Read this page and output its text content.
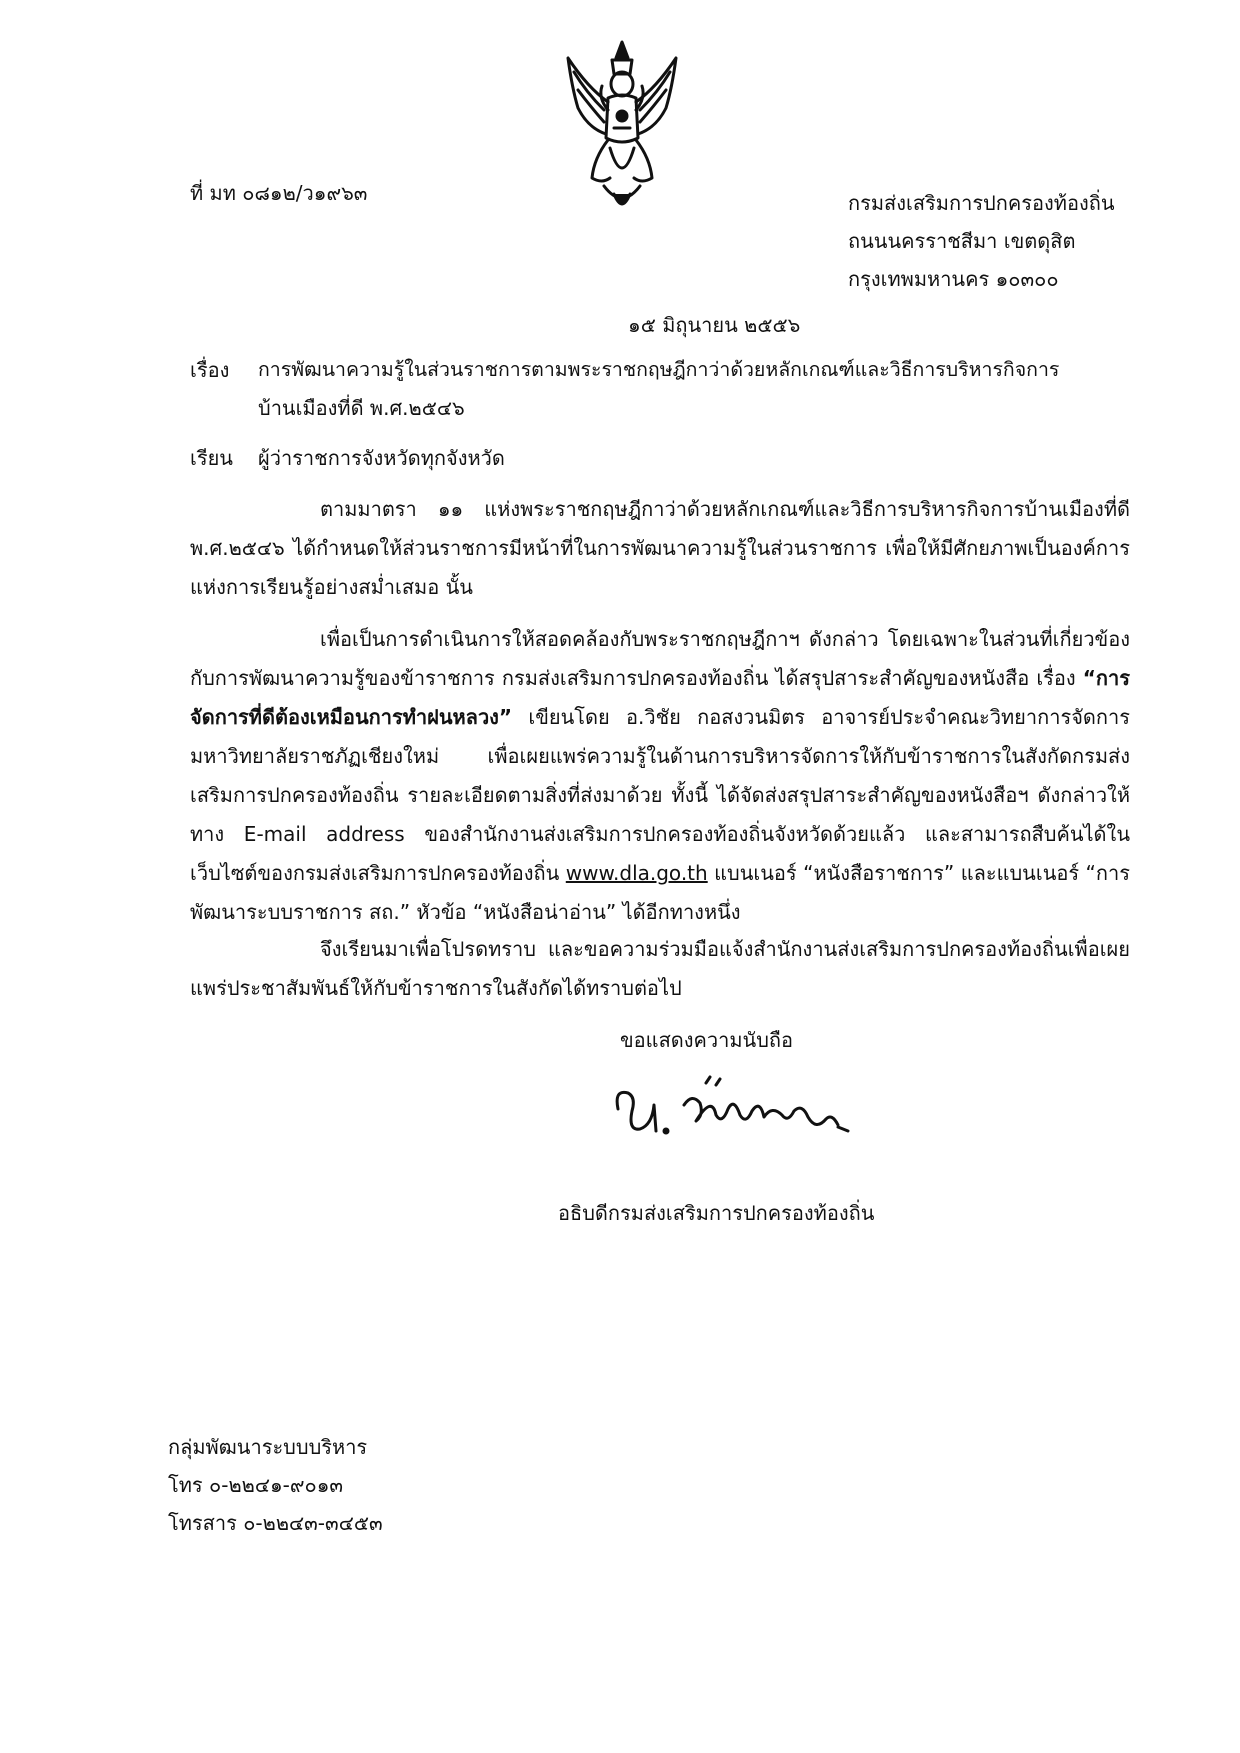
ที่ มท ๐๘๑๒/ว๑๙๖๓	กรมส่งเสริมการปกครองท้องถิ่น
ถนนนครราชสีมา เขตดุสิต
กรุงเทพมหานคร ๑๐๓๐๐
๑๕ มิถุนายน ๒๕๕๖
เรื่อง การพัฒนาความรู้ในส่วนราชการตามพระราชกฤษฎีกาว่าด้วยหลักเกณฑ์และวิธีการบริหารกิจการ
บ้านเมืองที่ดี พ.ศ.๒๕๔๖
เรียน ผู้ว่าราชการจังหวัดทุกจังหวัด
ตามมาตรา ๑๑ แห่งพระราชกฤษฎีกาว่าด้วยหลักเกณฑ์และวิธีการบริหารกิจการบ้านเมืองที่ดี พ.ศ.๒๕๔๖ ได้กำหนดให้ส่วนราชการมีหน้าที่ในการพัฒนาความรู้ในส่วนราชการ เพื่อให้มีศักยภาพเป็นองค์การแห่งการเรียนรู้อย่างสม่ำเสมอ นั้น
เพื่อเป็นการดำเนินการให้สอดคล้องกับพระราชกฤษฎีกาฯ ดังกล่าว โดยเฉพาะในส่วนที่เกี่ยวข้องกับการพัฒนาความรู้ของข้าราชการ กรมส่งเสริมการปกครองท้องถิ่น ได้สรุปสาระสำคัญของหนังสือ เรื่อง “การจัดการที่ดีต้องเหมือนการทำฝนหลวง” เขียนโดย อ.วิชัย กอสงวนมิตร อาจารย์ประจำคณะวิทยาการจัดการ มหาวิทยาลัยราชภัฏเชียงใหม่ เพื่อเผยแพร่ความรู้ในด้านการบริหารจัดการให้กับข้าราชการในสังกัดกรมส่งเสริมการปกครองท้องถิ่น รายละเอียดตามสิ่งที่ส่งมาด้วย ทั้งนี้ ได้จัดส่งสรุปสาระสำคัญของหนังสือฯ ดังกล่าวให้ทาง E-mail address ของสำนักงานส่งเสริมการปกครองท้องถิ่นจังหวัดด้วยแล้ว และสามารถสืบค้นได้ในเว็บไซต์ของกรมส่งเสริมการปกครองท้องถิ่น www.dla.go.th แบนเนอร์ “หนังสือราชการ” และแบนเนอร์ “การพัฒนาระบบราชการ สถ.” หัวข้อ “หนังสือน่าอ่าน” ได้อีกทางหนึ่ง
จึงเรียนมาเพื่อโปรดทราบ และขอความร่วมมือแจ้งสำนักงานส่งเสริมการปกครองท้องถิ่นเพื่อเผยแพร่ประชาสัมพันธ์ให้กับข้าราชการในสังกัดได้ทราบต่อไป
ขอแสดงความนับถือ
อธิบดีกรมส่งเสริมการปกครองท้องถิ่น
กลุ่มพัฒนาระบบบริหาร
โทร ๐-๒๒๔๑-๙๐๑๓
โทรสาร ๐-๒๒๔๓-๓๔๕๓
